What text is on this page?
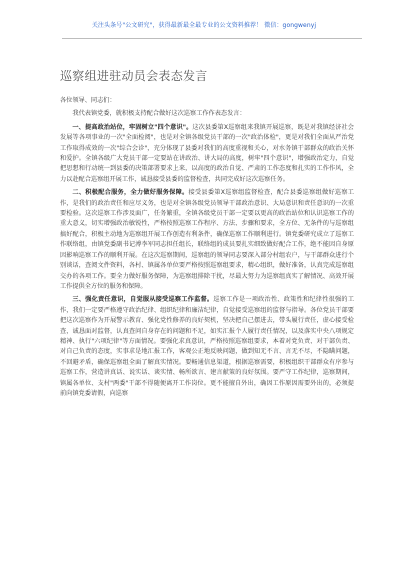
关注头条号"公文研究"，获得最新最全最专业的公文资料推荐！ 微信：gongwenyj
巡察组进驻动员会表态发言

各位领导、同志们：

我代表镇党委，就积极支持配合做好这次巡察工作作表态发言：

一、提高政治站位，牢固树立"四个意识"。这次县委第X巡察组来我镇开展巡察，既是对我镇经济社会发展等各项事业的一次"全面检阅"，也是对全镇各级党员干部的一次"政治体检"，更是对我们全面从严治党工作取得成效的一次"综合会诊"，充分体现了县委对我们的高度重视和关心，对水务镇干部群众的政治关怀和爱护。全镇各级广大党员干部一定要站在讲政治、讲大局的高度，树牢"四个意识"，增强政治定力，自觉把思想和行动统一到县委的决策部署要求上来，以高度的政治自觉、严肃的工作态度和扎实的工作作风，全力以赴配合巡察组开展工作，诚恳接受县委的监督检查，共同完成好这次巡察任务。

二、积极配合服务，全力做好服务保障。接受县委第X巡察组监督检查，配合县委巡察组做好巡察工作，是我们的政治责任和应尽义务，也是对全镇各级党员领导干部政治意识、大局意识和责任意识的一次重要检验。这次巡察工作涉及面广，任务繁重，全镇各级党员干部一定要以更高的政治站位和认识巡察工作的重大意义，切实增强政治敏锐性，严格按照巡察工作程序、方法、步骤和要求，全方位、无条件的与巡察组搞好配合，积极主动地为巡察组开展工作创造有利条件，确保巡察工作顺利进行。镇党委研究成立了巡察工作联络组，由镇党委副书记溥李军同志担任组长，联络组的成员要扎实细致做好配合工作，绝不能因自身原因影响巡察工作的顺利开展。在这次巡察期间，巡察组的领导同志要深入部分村组农户，与干部群众进行个别谈话，查阅文件资料，各村、镇属各单位要严格按照巡察组要求，精心组织，做好准备，认真完成巡察组交办的各项工作。要全力做好服务保障，为巡察组排除干扰，尽最大努力为巡察组真实了解情况、高效开展工作提供全方位的服务和保障。

三、强化责任意识，自觉服从接受巡察工作监督。巡察工作是一项政治性、政策性和纪律性很强的工作，我们一定要严格遵守政治纪律、组织纪律和廉洁纪律，自觉接受巡察组的监督与指导。各位党员干部要把这次巡察作为开展警示教育、强化党性修养的良好契机，坚决把自己摆进去，带头履行责任，虚心接受检查，诚恳面对监督，认真查问自身存在的问题和不足，如实汇报个人履行责任情况，以及落实中央八项规定精神、执行"六项纪律"等方面情况。要强化求真意识，严格按照巡察组要求，本着对党负责、对干部负责、对自己负责的态度，实事求是地汇报工作，客观公正地反映问题，做到知无不言、言无不尽，不隐瞒问题，不回避矛盾，确保巡察组全面了解真实情况。要畅通信息渠道，根据巡察需要，积极组织干部群众有序参与巡察工作，营造讲真话、说实话、谈实情、畅所欲言、建言献策的良好氛围。要严守工作纪律，巡察期间，镇属各单位、支村"两委"干部不得随便离开工作岗位。更不能擅自外出，确因工作原因需要外出的，必须提前向镇党委请假，向巡察
